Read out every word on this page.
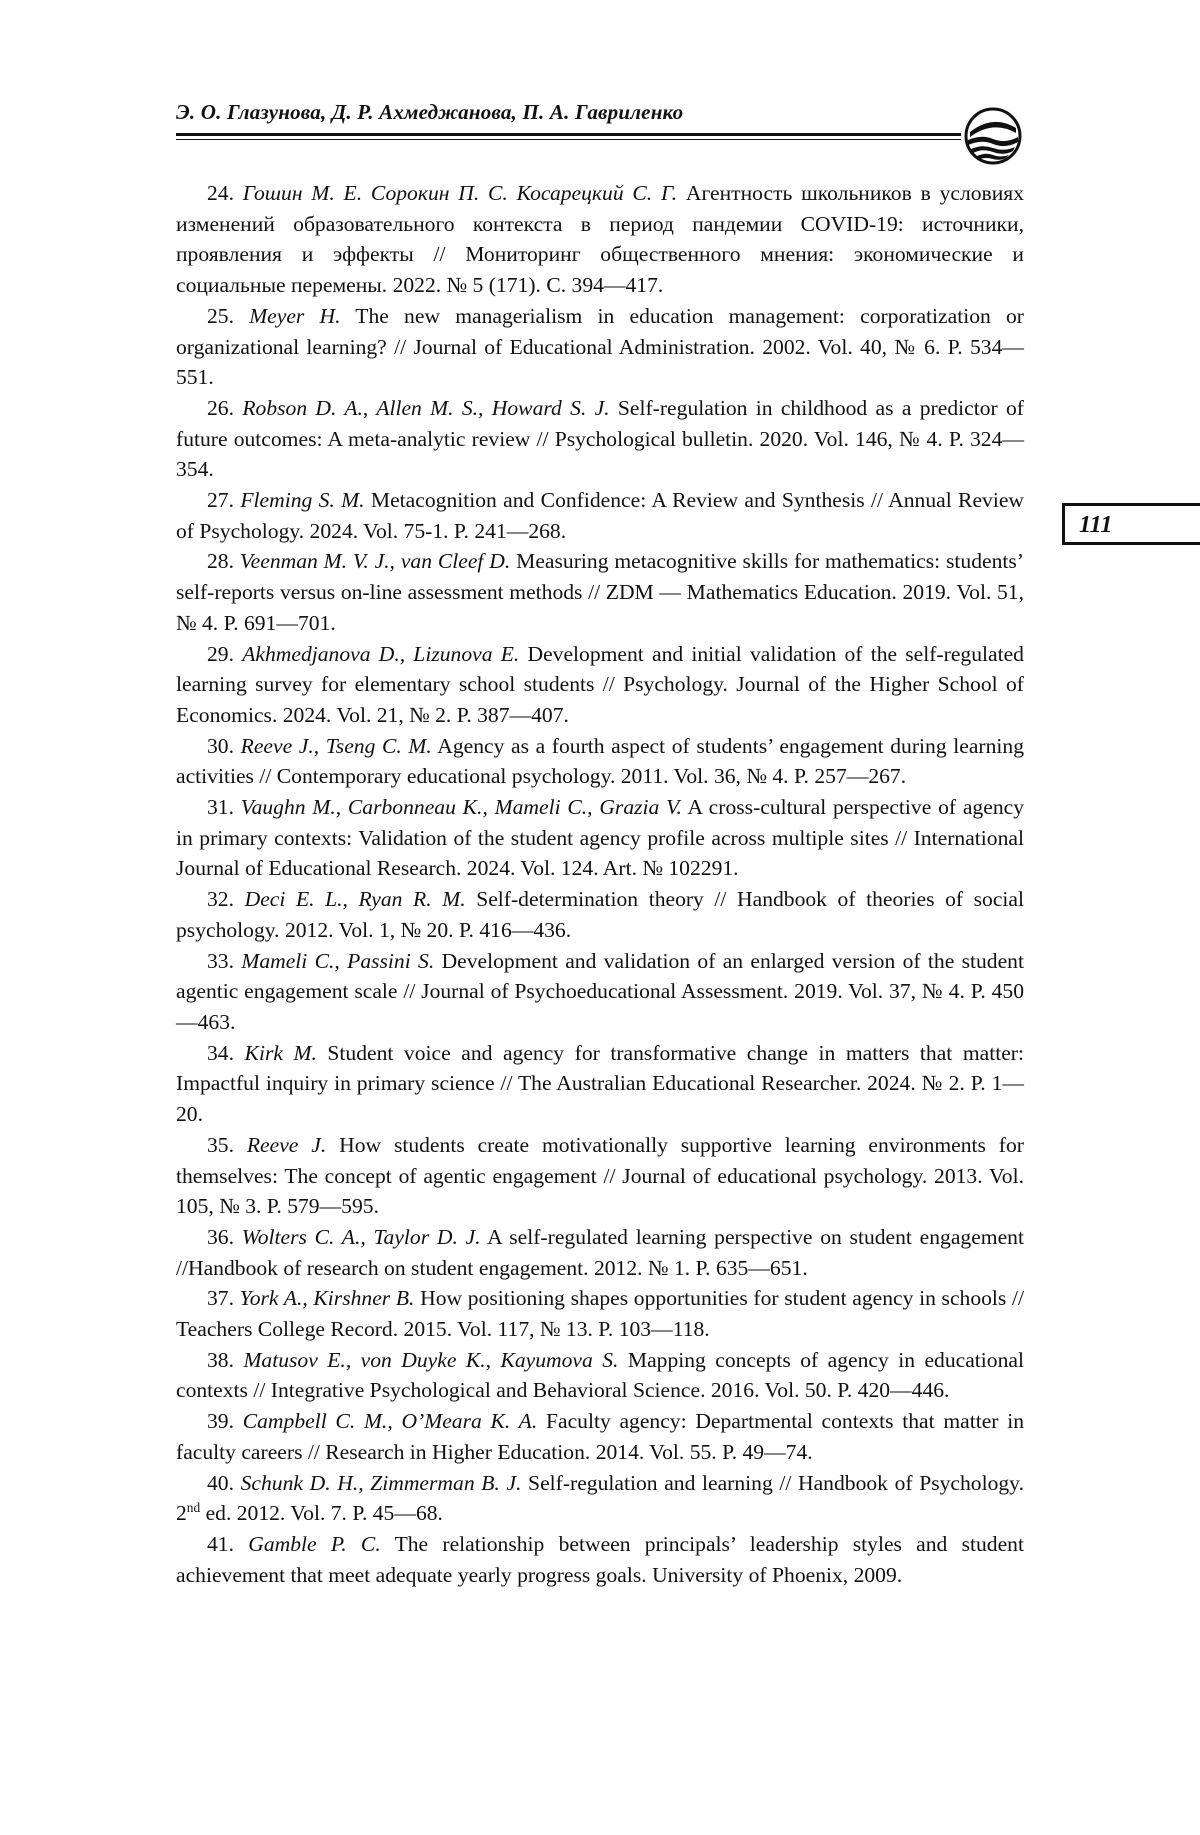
Э. О. Глазунова, Д. Р. Ахмеджанова, П. А. Гавриленко
111

24. Гошин М. Е. Сорокин П. С. Косарецкий С. Г. Агентность школьников в условиях изменений образовательного контекста в период пандемии COVID-19: источники, проявления и эффекты // Мониторинг общественного мнения: экономические и социальные перемены. 2022. № 5 (171). С. 394—417.

25. Meyer H. The new managerialism in education management: corporatization or organizational learning? // Journal of Educational Administration. 2002. Vol. 40, № 6. P. 534—551.

26. Robson D. A., Allen M. S., Howard S. J. Self-regulation in childhood as a predictor of future outcomes: A meta-analytic review // Psychological bulletin. 2020. Vol. 146, № 4. P. 324—354.

27. Fleming S. M. Metacognition and Confidence: A Review and Synthesis // Annual Review of Psychology. 2024. Vol. 75-1. P. 241—268.

28. Veenman M. V. J., van Cleef D. Measuring metacognitive skills for mathematics: students’ self-reports versus on-line assessment methods // ZDM — Mathematics Education. 2019. Vol. 51, № 4. P. 691—701.

29. Akhmedjanova D., Lizunova E. Development and initial validation of the self-regulated learning survey for elementary school students // Psychology. Journal of the Higher School of Economics. 2024. Vol. 21, № 2. P. 387—407.

30. Reeve J., Tseng C. M. Agency as a fourth aspect of students’ engagement during learning activities // Contemporary educational psychology. 2011. Vol. 36, № 4. P. 257—267.

31. Vaughn M., Carbonneau K., Mameli C., Grazia V. A cross-cultural perspective of agency in primary contexts: Validation of the student agency profile across multiple sites // International Journal of Educational Research. 2024. Vol. 124. Art. № 102291.

32. Deci E. L., Ryan R. M. Self-determination theory // Handbook of theories of social psychology. 2012. Vol. 1, № 20. P. 416—436.

33. Mameli C., Passini S. Development and validation of an enlarged version of the student agentic engagement scale // Journal of Psychoeducational Assessment. 2019. Vol. 37, № 4. P. 450—463.

34. Kirk M. Student voice and agency for transformative change in matters that matter: Impactful inquiry in primary science // The Australian Educational Researcher. 2024. № 2. P. 1—20.

35. Reeve J. How students create motivationally supportive learning environments for themselves: The concept of agentic engagement // Journal of educational psychology. 2013. Vol. 105, № 3. P. 579—595.

36. Wolters C. A., Taylor D. J. A self-regulated learning perspective on student engagement //Handbook of research on student engagement. 2012. № 1. P. 635—651.

37. York A., Kirshner B. How positioning shapes opportunities for student agency in schools // Teachers College Record. 2015. Vol. 117, № 13. P. 103—118.

38. Matusov E., von Duyke K., Kayumova S. Mapping concepts of agency in educational contexts // Integrative Psychological and Behavioral Science. 2016. Vol. 50. P. 420—446.

39. Campbell C. M., O’Meara K. A. Faculty agency: Departmental contexts that matter in faculty careers // Research in Higher Education. 2014. Vol. 55. P. 49—74.

40. Schunk D. H., Zimmerman B. J. Self-regulation and learning // Handbook of Psychology. 2nd ed. 2012. Vol. 7. P. 45—68.

41. Gamble P. C. The relationship between principals’ leadership styles and student achievement that meet adequate yearly progress goals. University of Phoenix, 2009.
